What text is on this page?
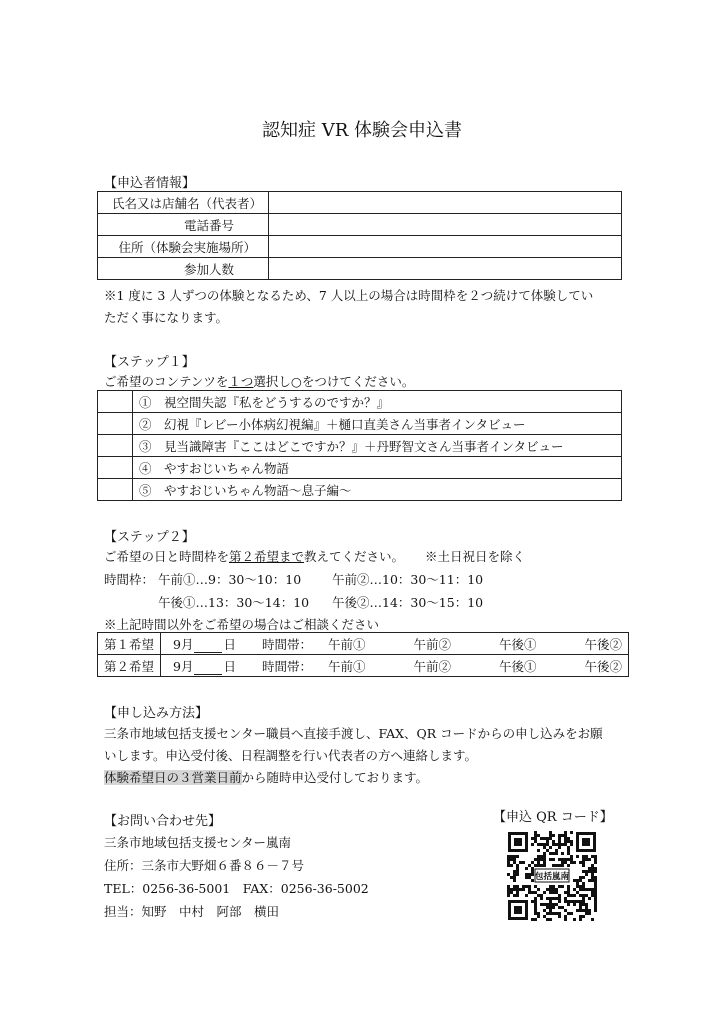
認知症 VR 体験会申込書
【申込者情報】
氏名又は店舗名（代表者）	
電話番号	
住所（体験会実施場所）	
参加人数	
※1 度に 3 人ずつの体験となるため、7 人以上の場合は時間枠を２つ続けて体験してい
ただく事になります。
【ステップ１】
ご希望のコンテンツを１つ選択し○をつけてください。
	①　視空間失認『私をどうするのですか？』
	②　幻視『レビー小体病幻視編』＋樋口直美さん当事者インタビュー
	③　見当識障害『ここはどこですか？』＋丹野智文さん当事者インタビュー
	④　やすおじいちゃん物語
	⑤　やすおじいちゃん物語～息子編～
【ステップ２】
ご希望の日と時間枠を第２希望まで教えてください。 ※土日祝日を除く
時間枠： 午前①…9：30～10：10 午前②…10：30～11：10
午後①…13：30～14：10 午後②…14：30～15：10
※上記時間以外をご希望の場合はご相談ください
第１希望	9月 日 時間帯： 午前① 午前② 午後① 午後②
第２希望	9月 日 時間帯： 午前① 午前② 午後① 午後②
【申し込み方法】
三条市地域包括支援センター職員へ直接手渡し、FAX、QR コードからの申し込みをお願
いします。申込受付後、日程調整を行い代表者の方へ連絡します。
体験希望日の３営業日前から随時申込受付しております。
【お問い合わせ先】
三条市地域包括支援センター嵐南
住所：三条市大野畑６番８６－７号
TEL：0256-36-5001　FAX：0256-36-5002
担当：知野　中村　阿部　横田
【申込 QR コード】
包括嵐南
